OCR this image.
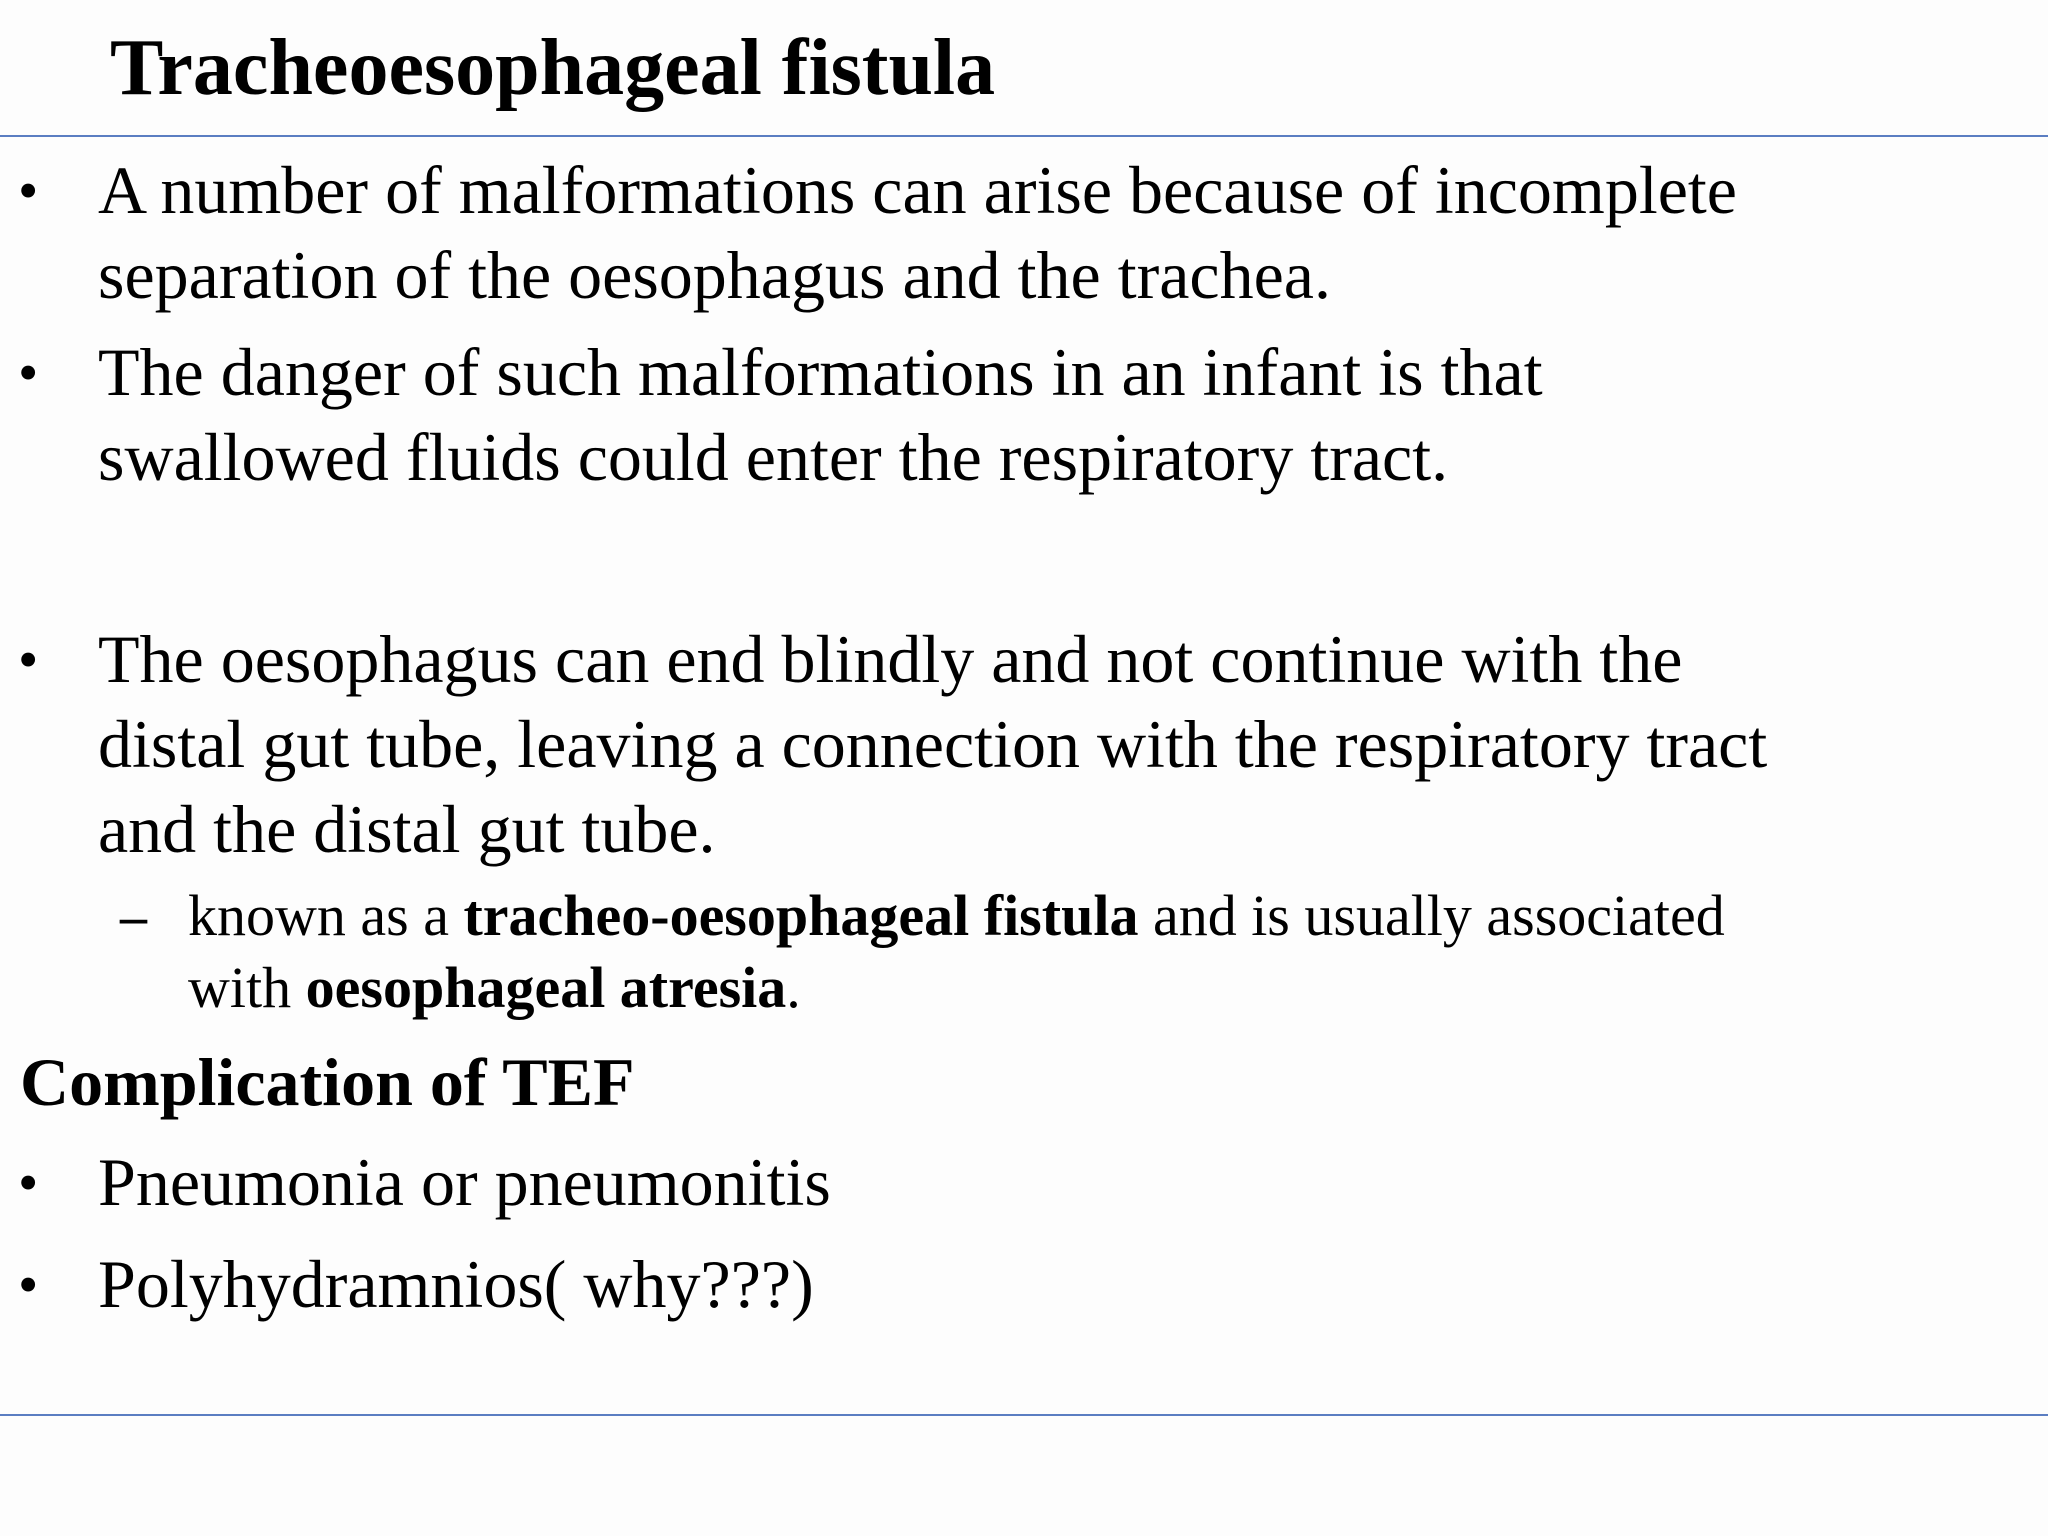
Tracheoesophageal fistula
• A number of malformations can arise because of incomplete
separation of the oesophagus and the trachea.
• The danger of such malformations in an infant is that
swallowed fluids could enter the respiratory tract.
• The oesophagus can end blindly and not continue with the
distal gut tube, leaving a connection with the respiratory tract
and the distal gut tube.
– known as a tracheo-oesophageal fistula and is usually associated
with oesophageal atresia.
Complication of TEF
• Pneumonia or pneumonitis
• Polyhydramnios( why???)
